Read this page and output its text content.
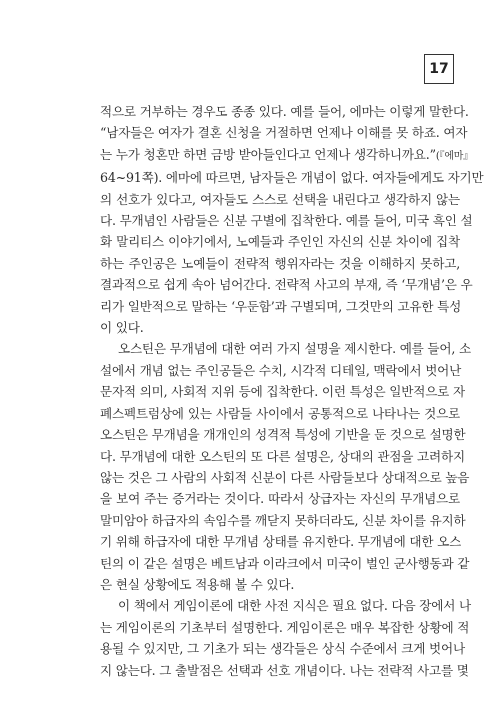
17
적으로 거부하는 경우도 종종 있다. 예를 들어, 에마는 이렇게 말한다.
“남자들은 여자가 결혼 신청을 거절하면 언제나 이해를 못 하죠. 여자
는 누가 청혼만 하면 금방 받아들인다고 언제나 생각하니까요.”(『에마』
64~91쪽). 에마에 따르면, 남자들은 개념이 없다. 여자들에게도 자기만
의 선호가 있다고, 여자들도 스스로 선택을 내린다고 생각하지 않는
다. 무개념인 사람들은 신분 구별에 집착한다. 예를 들어, 미국 흑인 설
화 말리티스 이야기에서, 노예들과 주인인 자신의 신분 차이에 집착
하는 주인공은 노예들이 전략적 행위자라는 것을 이해하지 못하고,
결과적으로 쉽게 속아 넘어간다. 전략적 사고의 부재, 즉 ‘무개념’은 우
리가 일반적으로 말하는 ‘우둔함’과 구별되며, 그것만의 고유한 특성
이 있다.
오스틴은 무개념에 대한 여러 가지 설명을 제시한다. 예를 들어, 소
설에서 개념 없는 주인공들은 수치, 시각적 디테일, 맥락에서 벗어난
문자적 의미, 사회적 지위 등에 집착한다. 이런 특성은 일반적으로 자
폐스펙트럼상에 있는 사람들 사이에서 공통적으로 나타나는 것으로
오스틴은 무개념을 개개인의 성격적 특성에 기반을 둔 것으로 설명한
다. 무개념에 대한 오스틴의 또 다른 설명은, 상대의 관점을 고려하지
않는 것은 그 사람의 사회적 신분이 다른 사람들보다 상대적으로 높음
을 보여 주는 증거라는 것이다. 따라서 상급자는 자신의 무개념으로
말미암아 하급자의 속임수를 깨닫지 못하더라도, 신분 차이를 유지하
기 위해 하급자에 대한 무개념 상태를 유지한다. 무개념에 대한 오스
틴의 이 같은 설명은 베트남과 이라크에서 미국이 벌인 군사행동과 같
은 현실 상황에도 적용해 볼 수 있다.
이 책에서 게임이론에 대한 사전 지식은 필요 없다. 다음 장에서 나
는 게임이론의 기초부터 설명한다. 게임이론은 매우 복잡한 상황에 적
용될 수 있지만, 그 기초가 되는 생각들은 상식 수준에서 크게 벗어나
지 않는다. 그 출발점은 선택과 선호 개념이다. 나는 전략적 사고를 몇
